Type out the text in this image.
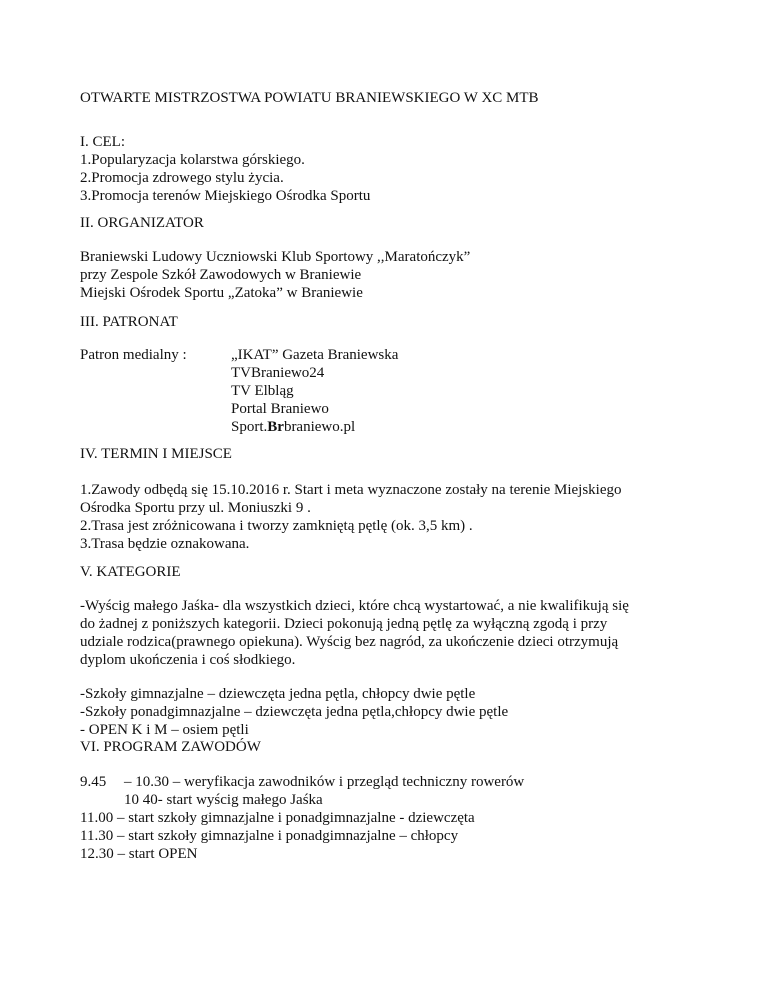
OTWARTE MISTRZOSTWA POWIATU BRANIEWSKIEGO W XC MTB
I. CEL:
1.Popularyzacja kolarstwa górskiego.
2.Promocja zdrowego stylu życia.
3.Promocja terenów Miejskiego Ośrodka Sportu
II. ORGANIZATOR
Braniewski Ludowy Uczniowski Klub Sportowy ,,Maratończyk”
przy Zespole Szkół Zawodowych w Braniewie
Miejski Ośrodek Sportu „Zatoka” w Braniewie
III. PATRONAT
Patron medialny :	„IKAT” Gazeta Braniewska
TVBraniewo24
TV Elbląg
Portal Braniewo
Sport.Brbraniewo.pl
IV. TERMIN I MIEJSCE
1.Zawody odbędą się 15.10.2016 r. Start i meta wyznaczone zostały na terenie Miejskiego
Ośrodka Sportu przy ul. Moniuszki 9 .
2.Trasa jest zróżnicowana i tworzy zamkniętą pętlę (ok. 3,5 km) .
3.Trasa będzie oznakowana.
V. KATEGORIE
-Wyścig małego Jaśka- dla wszystkich dzieci, które chcą wystartować, a nie kwalifikują się
do żadnej z poniższych kategorii. Dzieci pokonują jedną pętlę za wyłączną zgodą i przy
udziale rodzica(prawnego opiekuna). Wyścig bez nagród, za ukończenie dzieci otrzymują
dyplom ukończenia i coś słodkiego.
-Szkoły gimnazjalne – dziewczęta jedna pętla, chłopcy dwie pętle
-Szkoły ponadgimnazjalne – dziewczęta jedna pętla,chłopcy dwie pętle
- OPEN K i M – osiem pętli
VI. PROGRAM ZAWODÓW
9.45 – 10.30 – weryfikacja zawodników i przegląd techniczny rowerów
10 40- start wyścig małego Jaśka
11.00 – start szkoły gimnazjalne i ponadgimnazjalne - dziewczęta
11.30 – start szkoły gimnazjalne i ponadgimnazjalne – chłopcy
12.30 – start OPEN
